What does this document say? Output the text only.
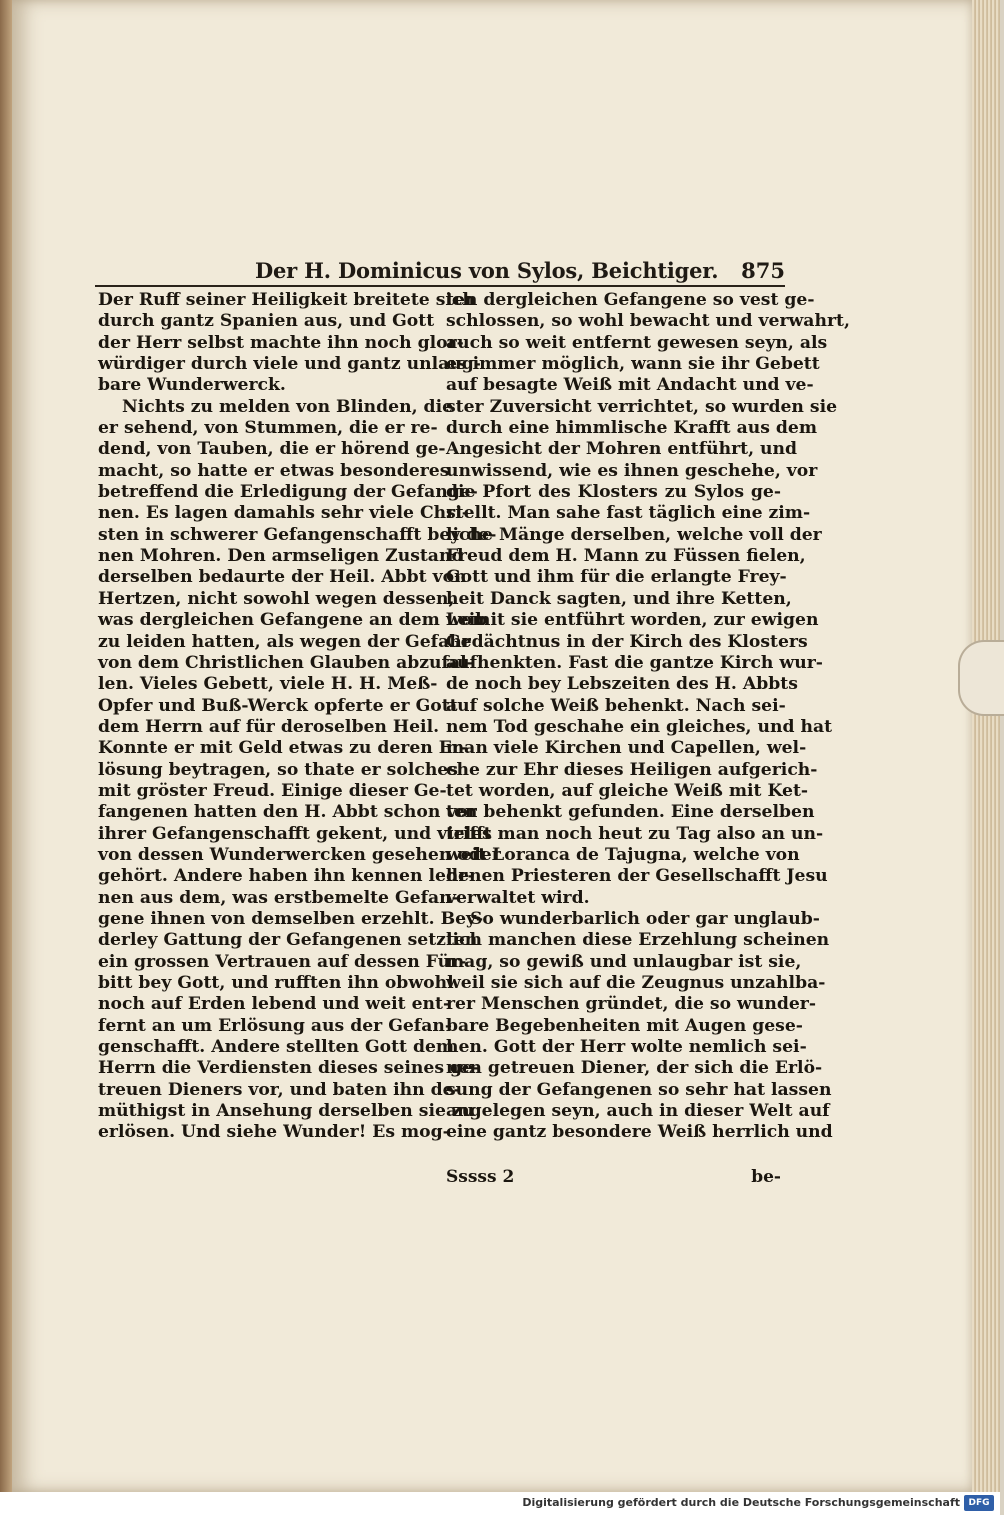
Der H. Dominicus von Sylos, Beichtiger. 875
Der Ruff seiner Heiligkeit breitete sich
durch gantz Spanien aus, und Gott
der Herr selbst machte ihn noch glor-
würdiger durch viele und gantz unlaug-
bare Wunderwerck.
Nichts zu melden von Blinden, die
er sehend, von Stummen, die er re-
dend, von Tauben, die er hörend ge-
macht, so hatte er etwas besonderes
betreffend die Erledigung der Gefange-
nen. Es lagen damahls sehr viele Chri-
sten in schwerer Gefangenschafft bey de-
nen Mohren. Den armseligen Zustand
derselben bedaurte der Heil. Abbt von
Hertzen, nicht sowohl wegen dessen,
was dergleichen Gefangene an dem Leib
zu leiden hatten, als wegen der Gefahr
von dem Christlichen Glauben abzufal-
len. Vieles Gebett, viele H. H. Meß-
Opfer und Buß-Werck opferte er Gott
dem Herrn auf für deroselben Heil.
Konnte er mit Geld etwas zu deren Er-
lösung beytragen, so thate er solches
mit gröster Freud. Einige dieser Ge-
fangenen hatten den H. Abbt schon vor
ihrer Gefangenschafft gekent, und vieles
von dessen Wunderwercken gesehen oder
gehört. Andere haben ihn kennen lehr-
nen aus dem, was erstbemelte Gefan-
gene ihnen von demselben erzehlt. Bey-
derley Gattung der Gefangenen setzten
ein grossen Vertrauen auf dessen Für-
bitt bey Gott, und rufften ihn obwohl
noch auf Erden lebend und weit ent-
fernt an um Erlösung aus der Gefan-
genschafft. Andere stellten Gott dem
Herrn die Verdiensten dieses seines ge-
treuen Dieners vor, und baten ihn de-
müthigst in Ansehung derselben sie zu
erlösen. Und siehe Wunder! Es mog-
ten dergleichen Gefangene so vest ge-
schlossen, so wohl bewacht und verwahrt,
auch so weit entfernt gewesen seyn, als
es immer möglich, wann sie ihr Gebett
auf besagte Weiß mit Andacht und ve-
ster Zuversicht verrichtet, so wurden sie
durch eine himmlische Krafft aus dem
Angesicht der Mohren entführt, und
unwissend, wie es ihnen geschehe, vor
die Pfort des Klosters zu Sylos ge-
stellt. Man sahe fast täglich eine zim-
liche Mänge derselben, welche voll der
Freud dem H. Mann zu Füssen fielen,
Gott und ihm für die erlangte Frey-
heit Danck sagten, und ihre Ketten,
womit sie entführt worden, zur ewigen
Gedächtnus in der Kirch des Klosters
aufhenkten. Fast die gantze Kirch wur-
de noch bey Lebszeiten des H. Abbts
auf solche Weiß behenkt. Nach sei-
nem Tod geschahe ein gleiches, und hat
man viele Kirchen und Capellen, wel-
che zur Ehr dieses Heiligen aufgerich-
tet worden, auf gleiche Weiß mit Ket-
ten behenkt gefunden. Eine derselben
trifft man noch heut zu Tag also an un-
weit Loranca de Tajugna, welche von
denen Priesteren der Gesellschafft Jesu
verwaltet wird.
So wunderbarlich oder gar unglaub-
lich manchen diese Erzehlung scheinen
mag, so gewiß und unlaugbar ist sie,
weil sie sich auf die Zeugnus unzahlba-
rer Menschen gründet, die so wunder-
bare Begebenheiten mit Augen gese-
hen. Gott der Herr wolte nemlich sei-
nen getreuen Diener, der sich die Erlö-
sung der Gefangenen so sehr hat lassen
angelegen seyn, auch in dieser Welt auf
eine gantz besondere Weiß herrlich und
Sssss 2	be-
Digitalisierung gefördert durch die Deutsche Forschungsgemeinschaft DFG
